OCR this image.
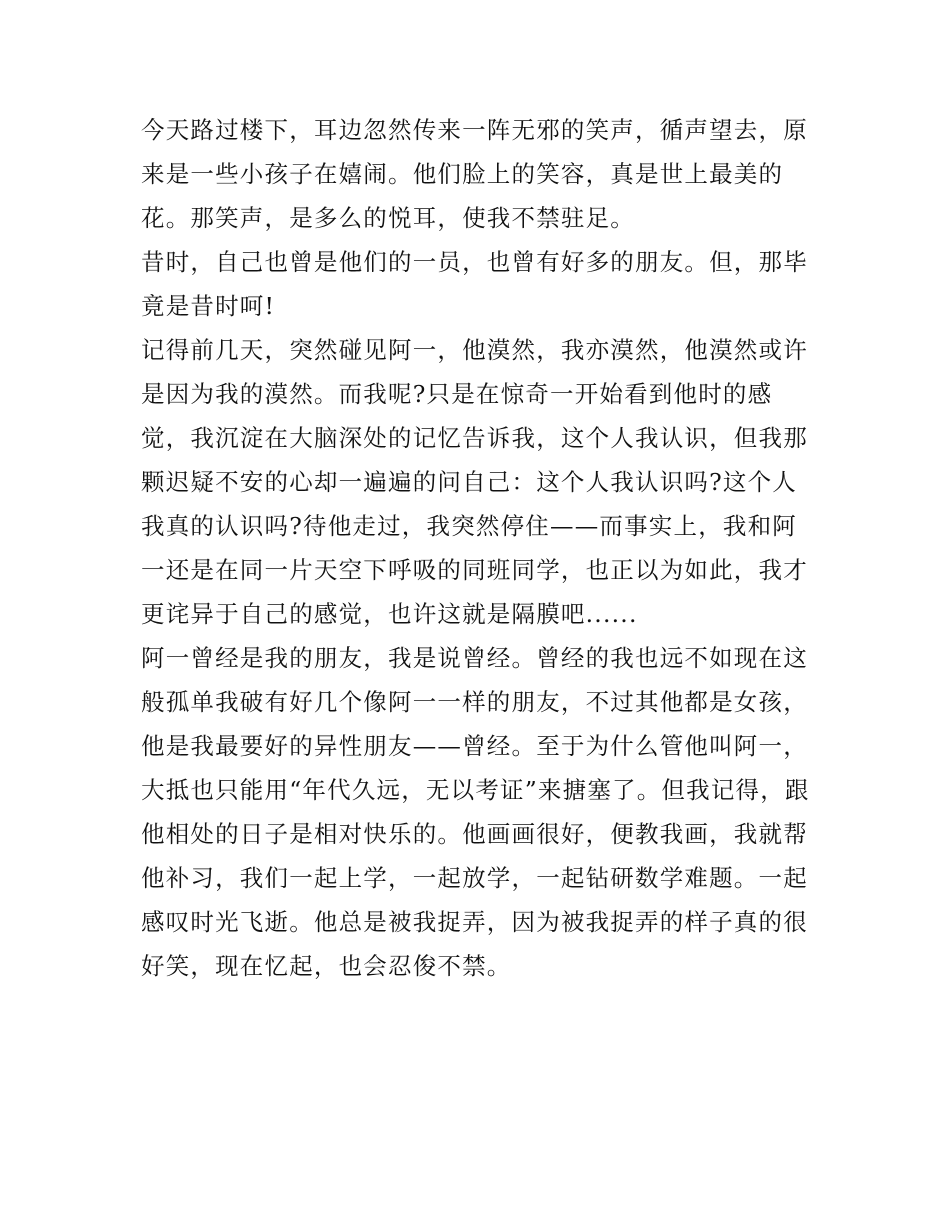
今天路过楼下，耳边忽然传来一阵无邪的笑声，循声望去，原
来是一些小孩子在嬉闹。他们脸上的笑容，真是世上最美的
花。那笑声，是多么的悦耳，使我不禁驻足。
昔时，自己也曾是他们的一员，也曾有好多的朋友。但，那毕
竟是昔时呵!
记得前几天，突然碰见阿一，他漠然，我亦漠然，他漠然或许
是因为我的漠然。而我呢?只是在惊奇一开始看到他时的感
觉，我沉淀在大脑深处的记忆告诉我，这个人我认识，但我那
颗迟疑不安的心却一遍遍的问自己：这个人我认识吗?这个人
我真的认识吗?待他走过，我突然停住——而事实上，我和阿
一还是在同一片天空下呼吸的同班同学，也正以为如此，我才
更诧异于自己的感觉，也许这就是隔膜吧......
阿一曾经是我的朋友，我是说曾经。曾经的我也远不如现在这
般孤单我破有好几个像阿一一样的朋友，不过其他都是女孩，
他是我最要好的异性朋友——曾经。至于为什么管他叫阿一，
大抵也只能用“年代久远，无以考证”来搪塞了。但我记得，跟
他相处的日子是相对快乐的。他画画很好，便教我画，我就帮
他补习，我们一起上学，一起放学，一起钻研数学难题。一起
感叹时光飞逝。他总是被我捉弄，因为被我捉弄的样子真的很
好笑，现在忆起，也会忍俊不禁。
